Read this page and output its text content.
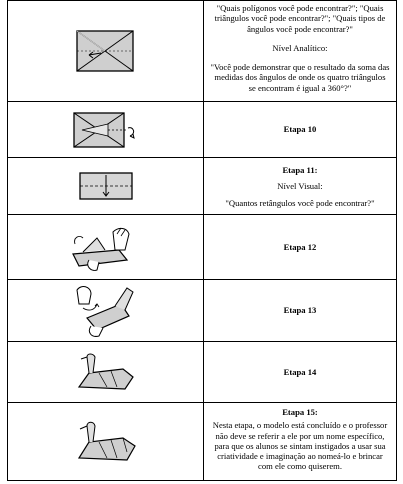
"Quais polígonos você pode encontrar?"; "Quais triângulos você pode encontrar?"; "Quais tipos de ângulos você pode encontrar?"

Nível Analítico:

"Você pode demonstrar que o resultado da soma das medidas dos ângulos de onde os quatro triângulos se encontram é igual a 360°?"

Etapa 10

Etapa 11:

Nível Visual:

"Quantos retângulos você pode encontrar?"

Etapa 12

Etapa 13

Etapa 14

Etapa 15:

Nesta etapa, o modelo está concluído e o professor não deve se referir a ele por um nome específico, para que os alunos se sintam instigados a usar sua criatividade e imaginação ao nomeá-lo e brincar com ele como quiserem.
